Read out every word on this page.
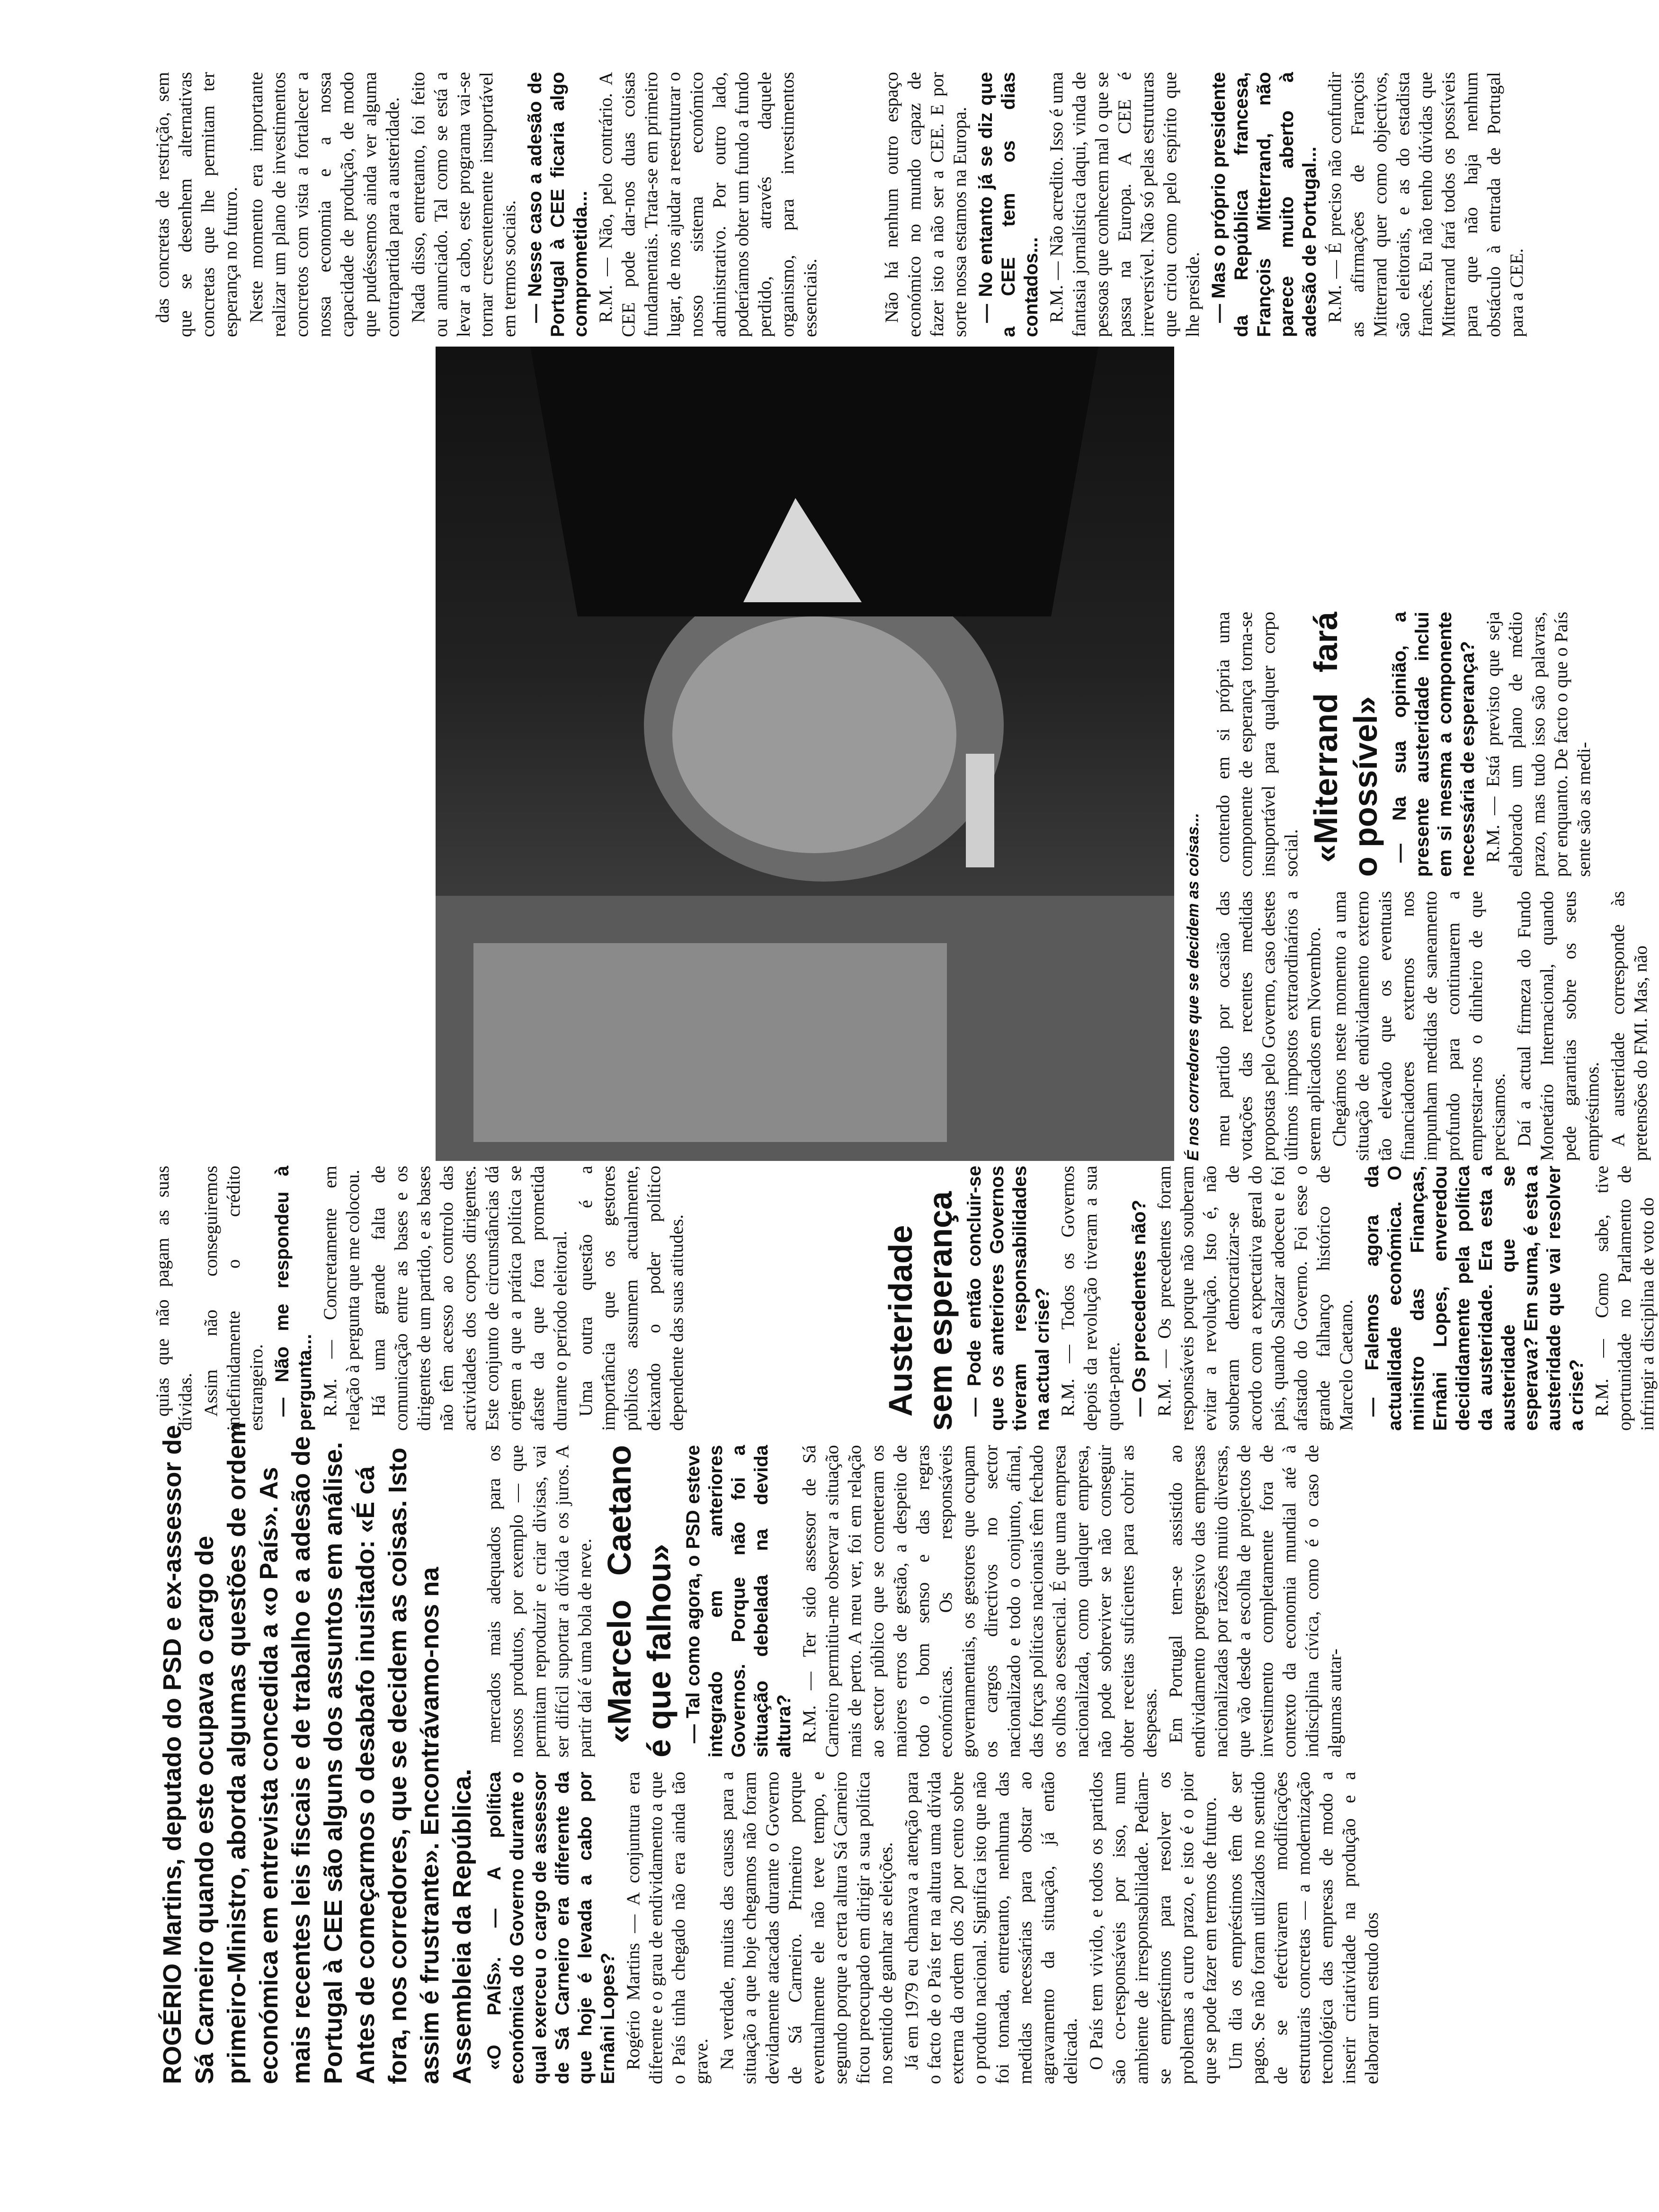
ROGÉRIO Martins, deputado do PSD e ex-assessor de Sá Carneiro quando este ocupava o cargo de primeiro-Ministro, aborda algumas questões de ordem económica em entrevista concedida a «o País». As mais recentes leis fiscais e de trabalho e a adesão de Portugal à CEE são alguns dos assuntos em análise. Antes de começarmos o desabafo inusitado: «É cá fora, nos corredores, que se decidem as coisas. Isto assim é frustrante». Encontrávamo-nos na Assembleia da República. «O PAÍS». — A política económica do Governo durante o qual exerceu o cargo de assessor de Sá Carneiro era diferente da que hoje é levada a cabo por Ernâni Lopes? Rogério Martins — A conjuntura era diferente e o grau de endividamento a que o País tinha chegado não era ainda tão grave. Na verdade, muitas das causas para a situação a que hoje chegamos não foram devidamente atacadas durante o Governo de Sá Carneiro. Primeiro porque eventualmente ele não teve tempo, e segundo porque a certa altura Sá Carneiro ficou preocupado em dirigir a sua política no sentido de ganhar as eleições. Já em 1979 eu chamava a atenção para o facto de o País ter na altura uma dívida externa da ordem dos 20 por cento sobre o produto nacional. Significa isto que não foi tomada, entretanto, nenhuma das medidas necessárias para obstar ao agravamento da situação, já então delicada. O País tem vivido, e todos os partidos são co-responsáveis por isso, num ambiente de irresponsabilidade. Pediam-se empréstimos para resolver os problemas a curto prazo, e isto é o pior que se pode fazer em termos de futuro. Um dia os empréstimos têm de ser pagos. Se não foram utilizados no sentido de se efectivarem modificações estruturais concretas — a modernização tecnológica das empresas de modo a inserir criatividade na produção e a elaborar um estudo dos

mercados mais adequados para os nossos produtos, por exemplo — que permitam reproduzir e criar divisas, vai ser difícil suportar a dívida e os juros. A partir daí é uma bola de neve. «Marcelo Caetano é que falhou» — Tal como agora, o PSD esteve integrado em anteriores Governos. Porque não foi a situação debelada na devida altura? R.M. — Ter sido assessor de Sá Carneiro permitiu-me observar a situação mais de perto. A meu ver, foi em relação ao sector público que se cometeram os maiores erros de gestão, a despeito de todo o bom senso e das regras económicas. Os responsáveis governamentais, os gestores que ocupam os cargos directivos no sector nacionalizado e todo o conjunto, afinal, das forças políticas nacionais têm fechado os olhos ao essencial. É que uma empresa nacionalizada, como qualquer empresa, não pode sobreviver se não conseguir obter receitas suficientes para cobrir as despesas. Em Portugal tem-se assistido ao endividamento progressivo das empresas nacionalizadas por razões muito diversas, que vão desde a escolha de projectos de investimento completamente fora de contexto da economia mundial até à indisciplina cívica, como é o caso de algumas autar-

quias que não pagam as suas dívidas. Assim não conseguiremos indefinidamente o crédito estrangeiro. — Não me respondeu à pergunta... R.M. — Concretamente em relação à pergunta que me colocou. Há uma grande falta de comunicação entre as bases e os dirigentes de um partido, e as bases não têm acesso ao controlo das actividades dos corpos dirigentes. Este conjunto de circunstâncias dá origem a que a prática política se afaste da que fora prometida durante o período eleitoral. Uma outra questão é a importância que os gestores públicos assumem actualmente, deixando o poder político dependente das suas atitudes.	Austeridade sem esperança — Pode então concluir-se que os anteriores Governos tiveram responsabilidades na actual crise? R.M. — Todos os Governos depois da revolução tiveram a sua quota-parte. — Os precedentes não? R.M. — Os precedentes foram responsáveis porque não souberam evitar a revolução. Isto é, não souberam democratizar-se de acordo com a expectativa geral do país, quando Salazar adoeceu e foi afastado do Governo. Foi esse o grande falhanço histórico de Marcelo Caetano. — Falemos agora da actualidade económica. O ministro das Finanças, Ernâni Lopes, enveredou decididamente pela política da austeridade. Era esta a austeridade que se esperava? Em suma, é esta a austeridade que vai resolver a crise? R.M. — Como sabe, tive oportunidade no Parlamento de infringir a disciplina de voto do

É nos corredores que se decidem as coisas... meu partido por ocasião das votações das recentes medidas propostas pelo Governo, caso destes últimos impostos extraordinários a serem aplicados em Novembro. Chegámos neste momento a uma situação de endividamento externo tão elevado que os eventuais financiadores externos nos impunham medidas de saneamento profundo para continuarem a emprestar-nos o dinheiro de que precisamos. Daí a actual firmeza do Fundo Monetário Internacional, quando pede garantias sobre os seus empréstimos. A austeridade corresponde às pretensões do FMI. Mas, não

contendo em si própria uma componente de esperança torna-se insuportável para qualquer corpo social. «Miterrand fará o possível» — Na sua opinião, a presente austeridade inclui em si mesma a componente necessária de esperança? R.M. — Está previsto que seja elaborado um plano de médio prazo, mas tudo isso são palavras, por enquanto. De facto o que o País sente são as medi-

das concretas de restrição, sem que se desenhem alternativas concretas que lhe permitam ter esperança no futuro. Neste momento era importante realizar um plano de investimentos concretos com vista a fortalecer a nossa economia e a nossa capacidade de produção, de modo que pudéssemos ainda ver alguma contrapartida para a austeridade. Nada disso, entretanto, foi feito ou anunciado. Tal como se está a levar a cabo, este programa vai-se tornar crescentemente insuportável em termos sociais. — Nesse caso a adesão de Portugal à CEE ficaria algo comprometida... R.M. — Não, pelo contrário. A CEE pode dar-nos duas coisas fundamentais. Trata-se em primeiro lugar, de nos ajudar a reestruturar o nosso sistema económico administrativo. Por outro lado, poderíamos obter um fundo a fundo perdido, através daquele organismo, para investimentos essenciais.	Não há nenhum outro espaço económico no mundo capaz de fazer isto a não ser a CEE. E por sorte nossa estamos na Europa. — No entanto já se diz que a CEE tem os dias contados... R.M. — Não acredito. Isso é uma fantasia jornalística daqui, vinda de pessoas que conhecem mal o que se passa na Europa. A CEE é irreversível. Não só pelas estruturas que criou como pelo espírito que lhe preside. — Mas o próprio presidente da República francesa, François Mitterrand, não parece muito aberto à adesão de Portugal... R.M. — É preciso não confundir as afirmações de François Mitterrand quer como objectivos, são eleitorais, e as do estadista francês. Eu não tenho dúvidas que Mitterrand fará todos os possíveis para que não haja nenhum obstáculo à entrada de Portugal para a CEE.
